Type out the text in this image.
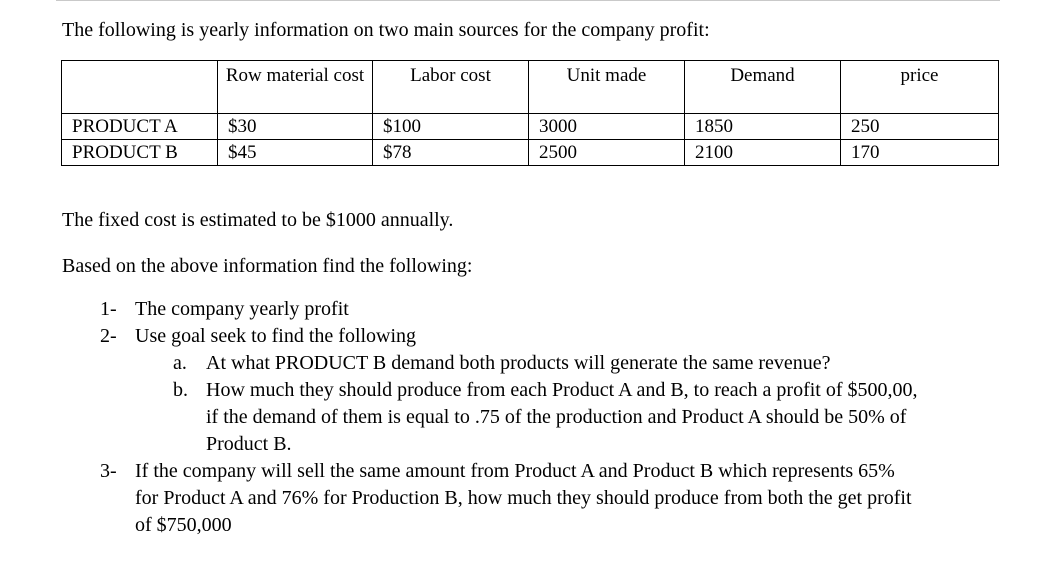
The following is yearly information on two main sources for the company profit:
	Row material cost	Labor cost	Unit made	Demand	price
PRODUCT A	$30	$100	3000	1850	250
PRODUCT B	$45	$78	2500	2100	170
The fixed cost is estimated to be $1000 annually.
Based on the above information find the following:
1- The company yearly profit
2- Use goal seek to find the following
a. At what PRODUCT B demand both products will generate the same revenue?
b. How much they should produce from each Product A and B, to reach a profit of $500,00,
if the demand of them is equal to .75 of the production and Product A should be 50% of
Product B.
3- If the company will sell the same amount from Product A and Product B which represents 65%
for Product A and 76% for Production B, how much they should produce from both the get profit
of $750,000
